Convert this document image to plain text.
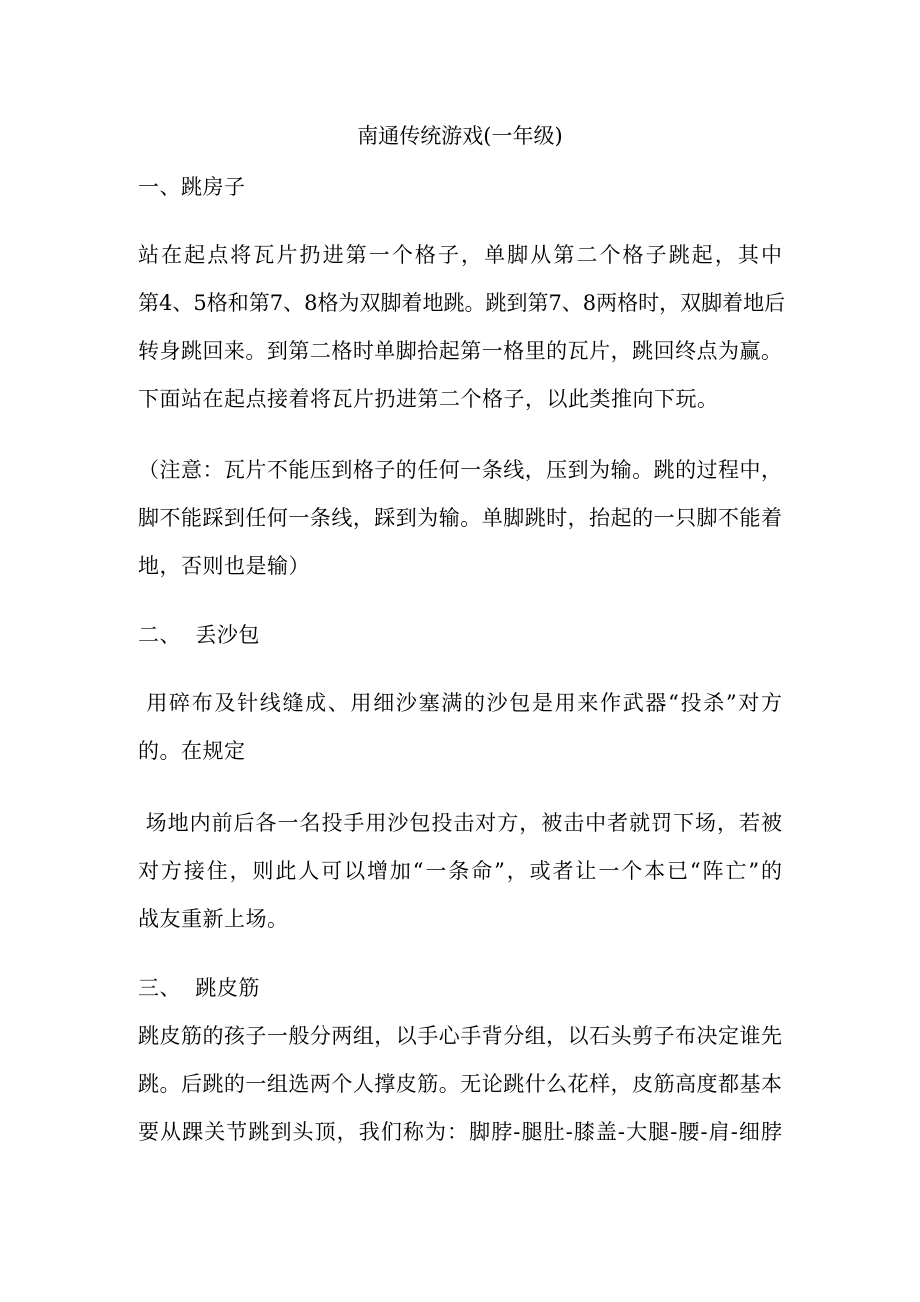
南通传统游戏(一年级)
一、跳房子
站在起点将瓦片扔进第一个格子，单脚从第二个格子跳起，其中
第4、5格和第7、8格为双脚着地跳。跳到第7、8两格时，双脚着地后
转身跳回来。到第二格时单脚拾起第一格里的瓦片，跳回终点为赢。
下面站在起点接着将瓦片扔进第二个格子，以此类推向下玩。
（注意：瓦片不能压到格子的任何一条线，压到为输。跳的过程中，
脚不能踩到任何一条线，踩到为输。单脚跳时，抬起的一只脚不能着
地，否则也是输）
二、  丢沙包
用碎布及针线缝成、用细沙塞满的沙包是用来作武器“投杀”对方
的。在规定
场地内前后各一名投手用沙包投击对方，被击中者就罚下场，若被
对方接住，则此人可以增加“一条命”，或者让一个本已“阵亡”的
战友重新上场。
三、  跳皮筋
跳皮筋的孩子一般分两组，以手心手背分组，以石头剪子布决定谁先
跳。后跳的一组选两个人撑皮筋。无论跳什么花样，皮筋高度都基本
要从踝关节跳到头顶，我们称为：脚脖-腿肚-膝盖-大腿-腰-肩-细脖
